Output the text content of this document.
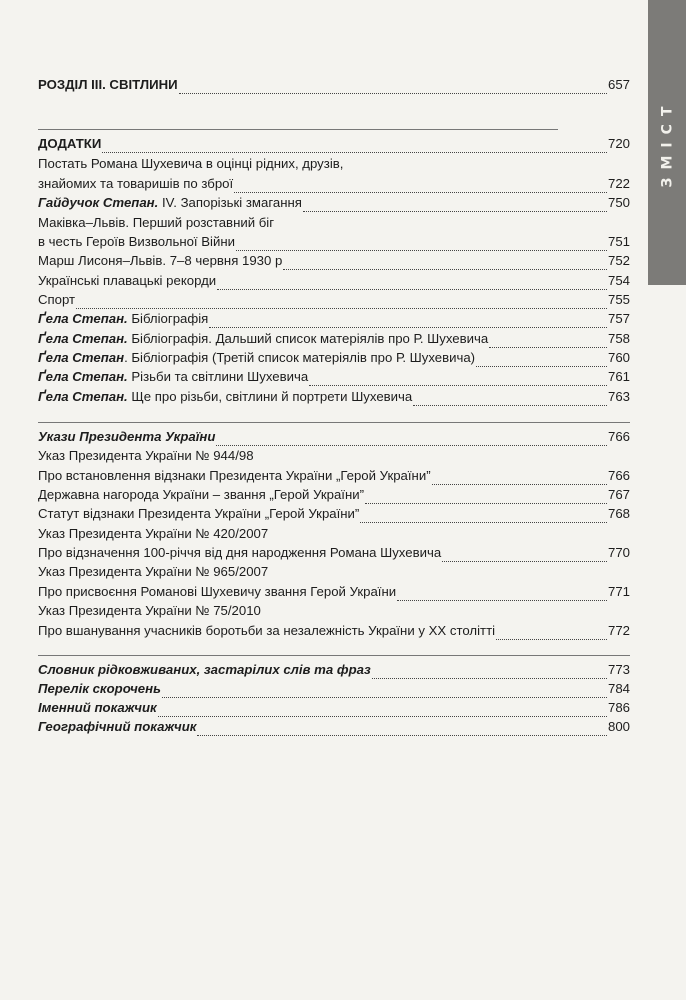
ЗМІСТ
РОЗДІЛ ІІІ. СВІТЛИНИ	657
ДОДАТКИ	720
Постать Романа Шухевича в оцінці рідних, друзів,
знайомих та товаришів по зброї	722
Гайдучок Степан. IV. Запорізькі змагання	750
Маківка–Львів. Перший розставний біг
в честь Героїв Визвольної Війни	751
Марш Лисоня–Львів. 7–8 червня 1930 р	752
Українські плавацькі рекорди	754
Спорт	755
Ґела Степан. Бібліографія	757
Ґела Степан. Бібліографія. Дальший список матеріялів про Р. Шухевича	758
Ґела Степан. Бібліографія (Третій список матеріялів про Р. Шухевича)	760
Ґела Степан. Різьби та світлини Шухевича	761
Ґела Степан. Ще про різьби, світлини й портрети Шухевича	763
Укази Президента України	766
Указ Президента України № 944/98
Про встановлення відзнаки Президента України „Герой України”	766
Державна нагорода України – звання „Герой України”	767
Статут відзнаки Президента України „Герой України”	768
Указ Президента України № 420/2007
Про відзначення 100-річчя від дня народження Романа Шухевича	770
Указ Президента України № 965/2007
Про присвоєння Романові Шухевичу звання Герой України	771
Указ Президента України № 75/2010
Про вшанування учасників боротьби за незалежність України у ХХ столітті	772
Словник рідковживаних, застарілих слів та фраз	773
Перелік скорочень	784
Іменний покажчик	786
Географічний покажчик	800
